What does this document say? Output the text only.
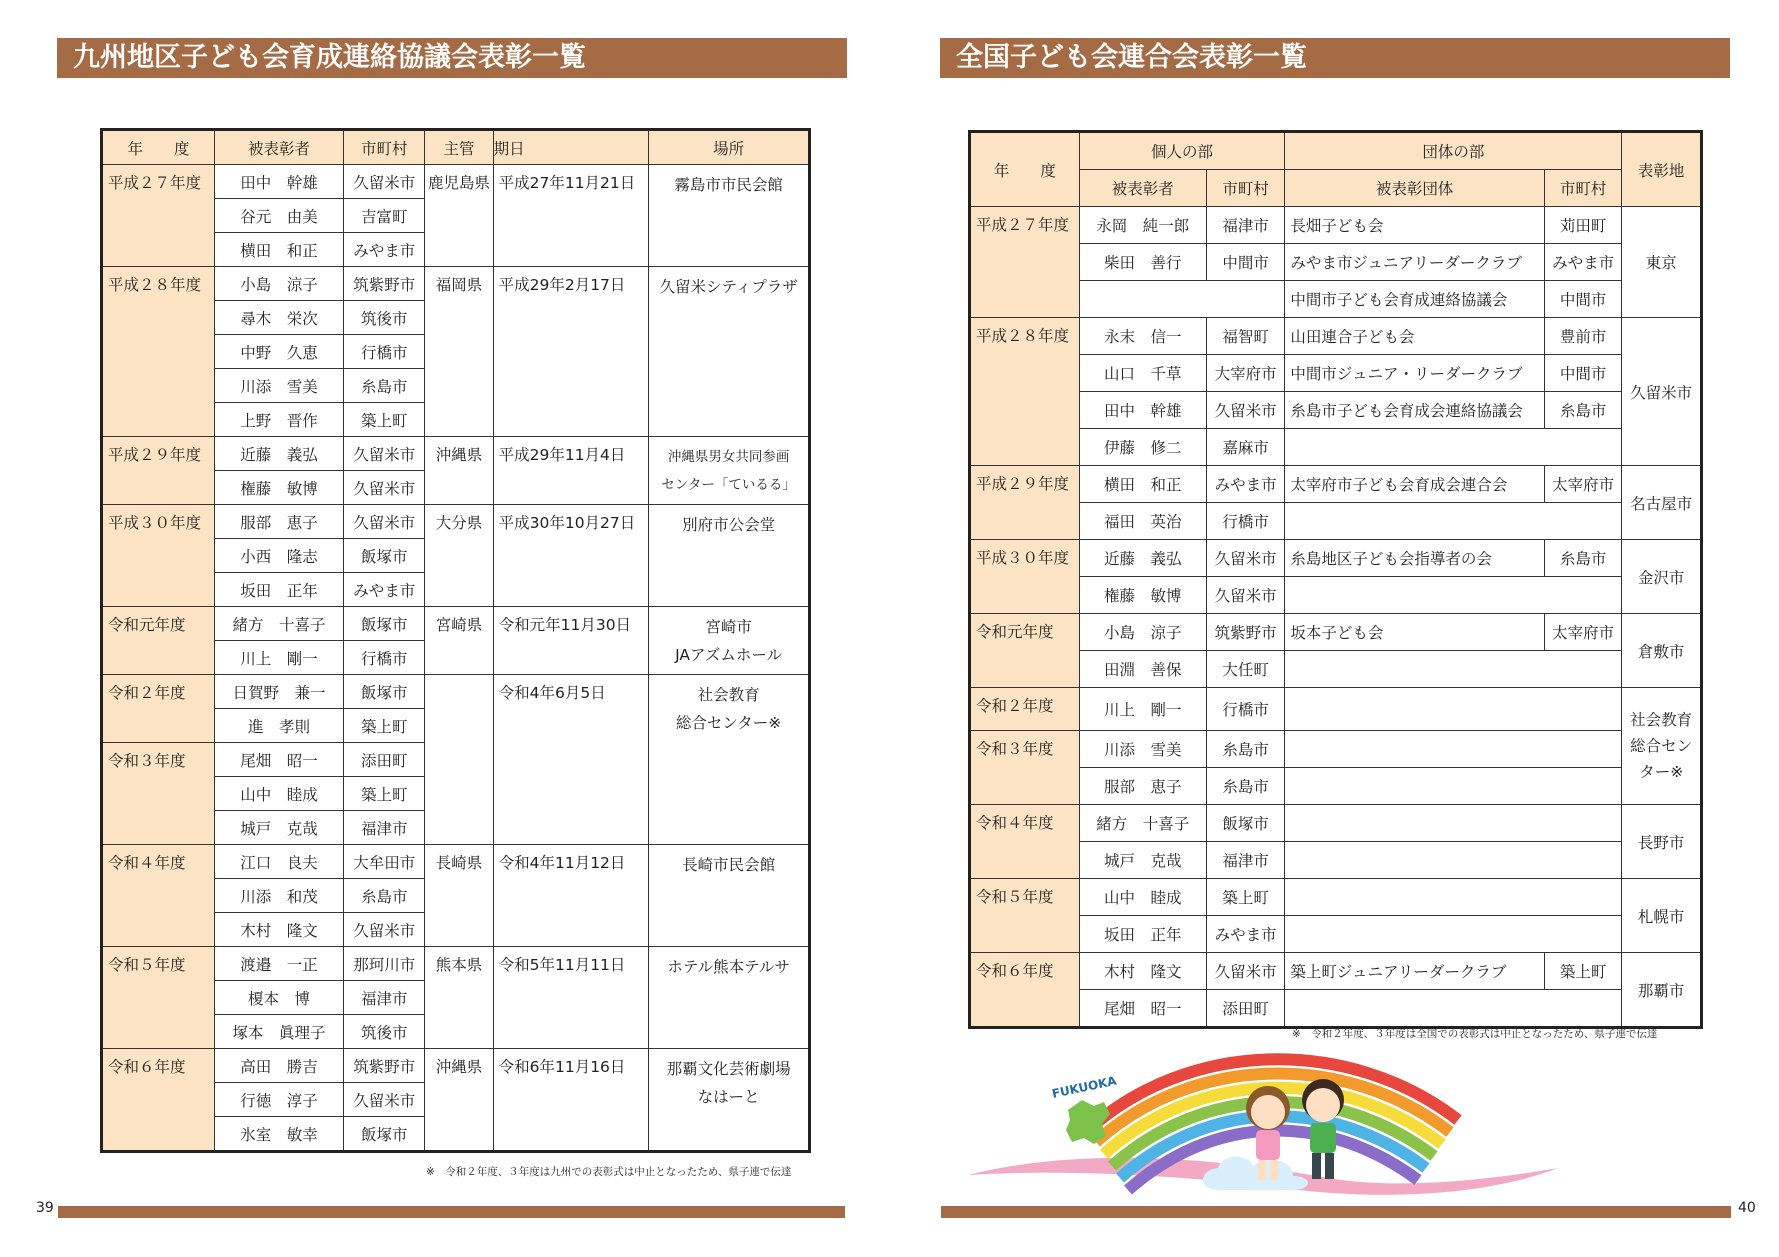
九州地区子ども会育成連絡協議会表彰一覧
年　　度	被表彰者	市町村	主管	期日	場所
平成２７年度	田中　幹雄	久留米市	鹿児島県	平成27年11月21日	霧島市市民会館

	谷元　由美	吉富町			
	横田　和正	みやま市			
平成２８年度	小島　涼子	筑紫野市	福岡県	平成29年2月17日	久留米シティプラザ

	尋木　栄次	筑後市			
	中野　久恵	行橋市			
	川添　雪美	糸島市			
	上野　晋作	築上町			
平成２９年度	近藤　義弘	久留米市	沖縄県	平成29年11月4日	沖縄県男女共同参画
センター「ているる」

	権藤　敏博	久留米市			
平成３０年度	服部　恵子	久留米市	大分県	平成30年10月27日	別府市公会堂

	小西　隆志	飯塚市			
	坂田　正年	みやま市			
令和元年度	緒方　十喜子	飯塚市	宮崎県	令和元年11月30日	宮崎市
JAアズムホール

	川上　剛一	行橋市			
令和２年度	日賀野　兼一	飯塚市		令和4年6月5日	社会教育
総合センター※

	進　孝則	築上町			
令和３年度	尾畑　昭一	添田町			
	山中　睦成	築上町			
	城戸　克哉	福津市			
令和４年度	江口　良夫	大牟田市	長崎県	令和4年11月12日	長崎市民会館

	川添　和茂	糸島市			
	木村　隆文	久留米市			
令和５年度	渡邉　一正	那珂川市	熊本県	令和5年11月11日	ホテル熊本テルサ

	榎本　博	福津市			
	塚本　眞理子	筑後市			
令和６年度	高田　勝吉	筑紫野市	沖縄県	令和6年11月16日	那覇文化芸術劇場
なはーと

	行徳　淳子	久留米市			
	氷室　敏幸	飯塚市			
※　令和２年度、３年度は九州での表彰式は中止となったため、県子連で伝達
39
全国子ども会連合会表彰一覧
年　　度	個人の部		団体の部		表彰地
	被表彰者	市町村	被表彰団体	市町村	
平成２７年度	永岡　純一郎	福津市	長畑子ども会	苅田町	東京
	柴田　善行	中間市	みやま市ジュニアリーダークラブ	みやま市	
			中間市子ども会育成連絡協議会	中間市	
平成２８年度	永末　信一	福智町	山田連合子ども会	豊前市	久留米市
	山口　千草	大宰府市	中間市ジュニア・リーダークラブ	中間市	
	田中　幹雄	久留米市	糸島市子ども会育成会連絡協議会	糸島市	
	伊藤　修二	嘉麻市			
平成２９年度	横田　和正	みやま市	太宰府市子ども会育成会連合会	太宰府市	名古屋市
	福田　英治	行橋市			
平成３０年度	近藤　義弘	久留米市	糸島地区子ども会指導者の会	糸島市	金沢市
	権藤　敏博	久留米市			
令和元年度	小島　涼子	筑紫野市	坂本子ども会	太宰府市	倉敷市
	田淵　善保	大任町			
令和２年度	川上　剛一	行橋市			社会教育
総合セン
ター※

令和３年度	川添　雪美	糸島市			
	服部　恵子	糸島市			
令和４年度	緒方　十喜子	飯塚市			長野市
	城戸　克哉	福津市			
令和５年度	山中　睦成	築上町			札幌市
	坂田　正年	みやま市			
令和６年度	木村　隆文	久留米市	築上町ジュニアリーダークラブ	築上町	那覇市
	尾畑　昭一	添田町			
※　令和２年度、３年度は全国での表彰式は中止となったため、県子連で伝達
FUKUOKA
40
